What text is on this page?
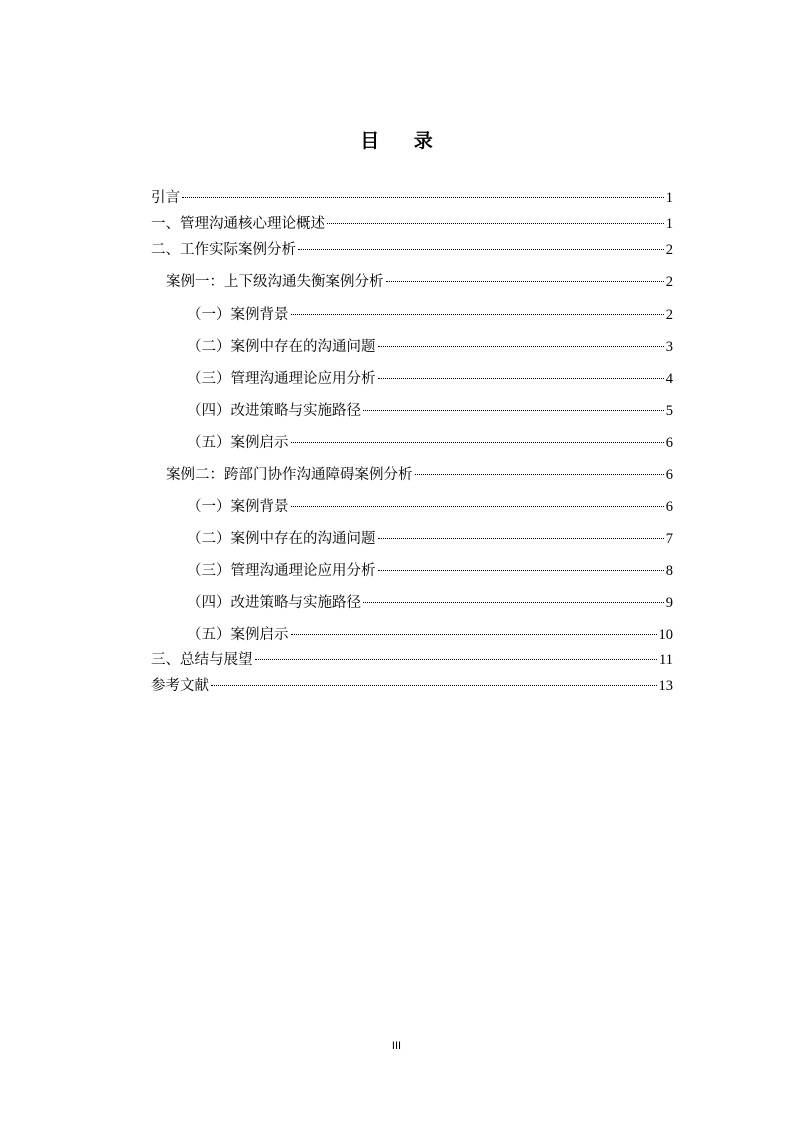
目 录
引言	1
一、管理沟通核心理论概述	1
二、工作实际案例分析	2
案例一：上下级沟通失衡案例分析	2
（一）案例背景	2
（二）案例中存在的沟通问题	3
（三）管理沟通理论应用分析	4
（四）改进策略与实施路径	5
（五）案例启示	6
案例二：跨部门协作沟通障碍案例分析	6
（一）案例背景	6
（二）案例中存在的沟通问题	7
（三）管理沟通理论应用分析	8
（四）改进策略与实施路径	9
（五）案例启示	10
三、总结与展望	11
参考文献	13
III
